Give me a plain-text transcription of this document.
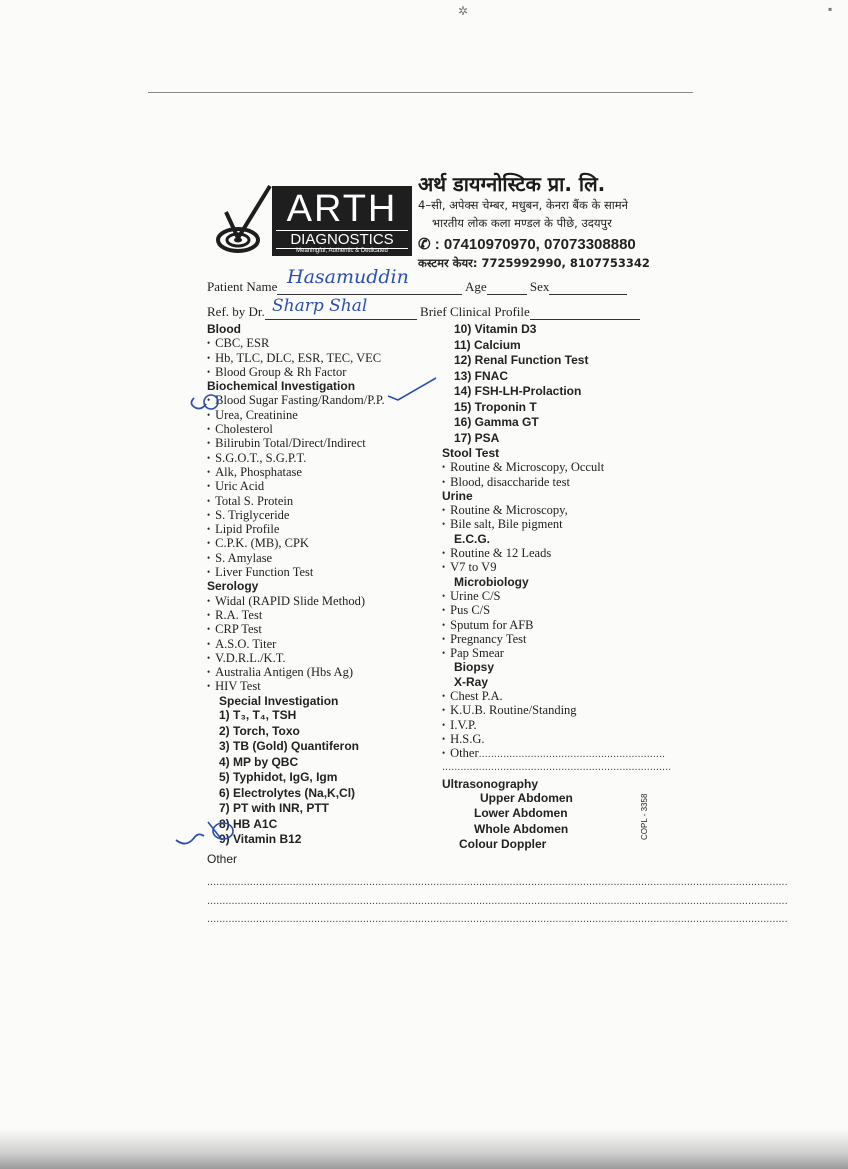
✲	▪
ARTH
DIAGNOSTICS
Meaningful, Authentic & Dedicated
अर्थ डायग्नोस्टिक प्रा. लि.
4–सी, अपेक्स चेम्बर, मधुबन, केनरा बैंक के सामने
भारतीय लोक कला मण्डल के पीछे, उदयपुर
✆ : 07410970970, 07073308880
कस्टमर केयर: 7725992990, 8107753342
Patient Name	Age	Sex
Hasamuddin
Ref. by Dr.	Brief Clinical Profile
Sharp Shal
Blood
• CBC, ESR
• Hb, TLC, DLC, ESR, TEC, VEC
• Blood Group & Rh Factor
Biochemical Investigation
• Blood Sugar Fasting/Random/P.P.
• Urea, Creatinine
• Cholesterol
• Bilirubin Total/Direct/Indirect
• S.G.O.T., S.G.P.T.
• Alk, Phosphatase
• Uric Acid
• Total S. Protein
• S. Triglyceride
• Lipid Profile
• C.P.K. (MB), CPK
• S. Amylase
• Liver Function Test
Serology
• Widal (RAPID Slide Method)
• R.A. Test
• CRP Test
• A.S.O. Titer
• V.D.R.L./K.T.
• Australia Antigen (Hbs Ag)
• HIV Test
Special Investigation
1) T₃, T₄, TSH
2) Torch, Toxo
3) TB (Gold) Quantiferon
4) MP by QBC
5) Typhidot, IgG, Igm
6) Electrolytes (Na,K,Cl)
7) PT with INR, PTT
8) HB A1C
9) Vitamin B12
Other
..............................................................................................................................................................................................
..............................................................................................................................................................................................
..............................................................................................................................................................................................
10) Vitamin D3
11) Calcium
12) Renal Function Test
13) FNAC
14) FSH-LH-Prolaction
15) Troponin T
16) Gamma GT
17) PSA
Stool Test
• Routine & Microscopy, Occult
• Blood, disaccharide test
Urine
• Routine & Microscopy,
• Bile salt, Bile pigment
E.C.G.
• Routine & 12 Leads
• V7 to V9
Microbiology
• Urine C/S
• Pus C/S
• Sputum for AFB
• Pregnancy Test
• Pap Smear
Biopsy
X-Ray
• Chest P.A.
• K.U.B. Routine/Standing
• I.V.P.
• H.S.G.
• Other.............................................................
...........................................................................
Ultrasonography
Upper Abdomen
Lower Abdomen
Whole Abdomen
Colour Doppler
COPL - 3358
